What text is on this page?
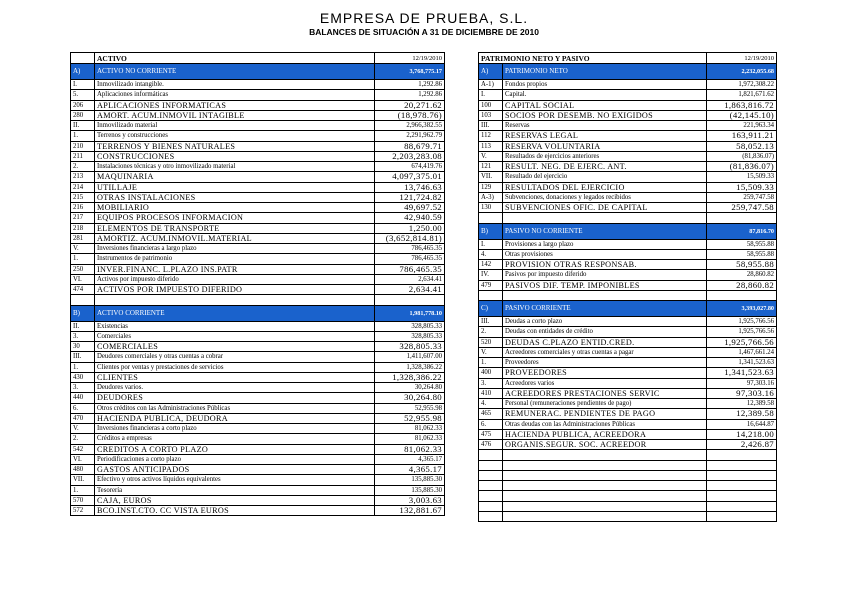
EMPRESA DE PRUEBA, S.L.
BALANCES DE SITUACIÓN A 31 DE DICIEMBRE DE 2010
	ACTIVO	12/19/2010
A)	ACTIVO NO CORRIENTE	3,768,775.17
I.	Inmovilizado intangible.	1,292.86
5.	Aplicaciones informáticas	1,292.86
206	APLICACIONES INFORMATICAS	20,271.62
280	AMORT. ACUM.INMOVIL INTAGIBLE	(18,978.76)
II.	Inmovilizado material	2,966,382.55
1.	Terrenos y construcciones	2,291,962.79
210	TERRENOS Y BIENES NATURALES	88,679.71
211	CONSTRUCCIONES	2,203,283.08
2.	Instalaciones técnicas y otro inmovilizado material	674,419.76
213	MAQUINARIA	4,097,375.01
214	UTILLAJE	13,746.63
215	OTRAS INSTALACIONES	121,724.82
216	MOBILIARIO	49,697.52
217	EQUIPOS PROCESOS INFORMACION	42,940.59
218	ELEMENTOS DE TRANSPORTE	1,250.00
281	AMORTIZ. ACUM.INMOVIL.MATERIAL	(3,652,814.81)
V.	Inversiones financieras a largo plazo	786,465.35
1.	Instrumentos de patrimonio	786,465.35
250	INVER.FINANC. L.PLAZO INS.PATR	786,465.35
VI.	Activos por impuesto diferido	2,634.41
474	ACTIVOS POR IMPUESTO DIFERIDO	2,634.41

B)	ACTIVO CORRIENTE	1,981,778.10
II.	Existencias	328,805.33
3.	Comerciales	328,805.33
30	COMERCIALES	328,805.33
III.	Deudores comerciales y otras cuentas a cobrar	1,411,607.00
1.	Clientes por ventas y prestaciones de servicios	1,328,386.22
430	CLIENTES	1,328,386.22
3.	Deudores varios.	30,264.80
440	DEUDORES	30,264.80
6.	Otros créditos con las Administraciones Públicas	52,955.98
470	HACIENDA PUBLICA, DEUDORA	52,955.98
V.	Inversiones financieras a corto plazo	81,062.33
2.	Créditos a empresas	81,062.33
542	CREDITOS A CORTO PLAZO	81,062.33
VI.	Periodificaciones a corto plazo	4,365.17
480	GASTOS ANTICIPADOS	4,365.17
VII.	Efectivo y otros activos líquidos equivalentes	135,885.30
1.	Tesorería	135,885.30
570	CAJA, EUROS	3,003.63
572	BCO.INST.CTO. CC VISTA EUROS	132,881.67
PATRIMONIO NETO Y PASIVO		12/19/2010
A)	PATRIMONIO NETO	2,232,055.68
A-1)	Fondos propios	1,972,308.22
I.	Capital.	1,821,671.62
100	CAPITAL SOCIAL	1,863,816.72
103	SOCIOS POR DESEMB. NO EXIGIDOS	(42,145.10)
III.	Reservas	221,963.34
112	RESERVAS LEGAL	163,911.21
113	RESERVA VOLUNTARIA	58,052.13
V.	Resultados de ejercicios anteriores	(81,836.07)
121	RESULT. NEG. DE EJERC. ANT.	(81,836.07)
VII.	Resultado del ejercicio	15,509.33
129	RESULTADOS DEL EJERCICIO	15,509.33
A-3)	Subvenciones, donaciones y legados recibidos	259,747.58
130	SUBVENCIONES OFIC. DE CAPITAL	259,747.58

B)	PASIVO NO CORRIENTE	87,816.70
I.	Provisiones a largo plazo	58,955.88
4.	Otras provisiones	58,955.88
142	PROVISION OTRAS RESPONSAB.	58,955.88
IV.	Pasivos por impuesto diferido	28,860.82
479	PASIVOS DIF. TEMP. IMPONIBLES	28,860.82

C)	PASIVO CORRIENTE	3,393,027.80
III.	Deudas a corto plazo	1,925,766.56
2.	Deudas con entidades de crédito	1,925,766.56
520	DEUDAS C.PLAZO ENTID.CRED.	1,925,766.56
V.	Acreedores comerciales y otras cuentas a pagar	1,467,661.24
1.	Proveedores	1,341,523.63
400	PROVEEDORES	1,341,523.63
3.	Acreedores varios	97,303.16
410	ACREEDORES PRESTACIONES SERVIC	97,303.16
4.	Personal (remuneraciones pendientes de pago)	12,389.58
465	REMUNERAC. PENDIENTES DE PAGO	12,389.58
6.	Otras deudas con las Administraciones Públicas	16,644.87
475	HACIENDA PUBLICA, ACREEDORA	14,218.00
476	ORGANIS.SEGUR. SOC. ACREEDOR	2,426.87
